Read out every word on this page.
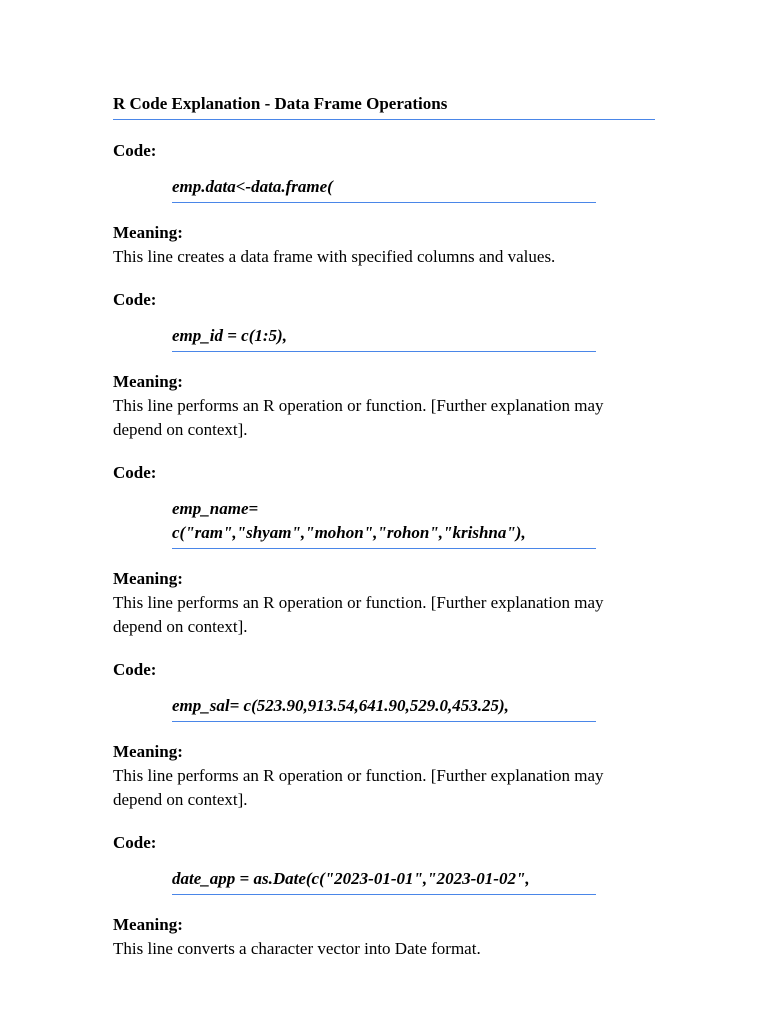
R Code Explanation - Data Frame Operations
Code:
emp.data<-data.frame(
Meaning:
This line creates a data frame with specified columns and values.
Code:
emp_id = c(1:5),
Meaning:
This line performs an R operation or function. [Further explanation may depend on context].
Code:
emp_name=
c("ram","shyam","mohon","rohon","krishna"),
Meaning:
This line performs an R operation or function. [Further explanation may depend on context].
Code:
emp_sal= c(523.90,913.54,641.90,529.0,453.25),
Meaning:
This line performs an R operation or function. [Further explanation may depend on context].
Code:
date_app = as.Date(c("2023-01-01","2023-01-02",
Meaning:
This line converts a character vector into Date format.
